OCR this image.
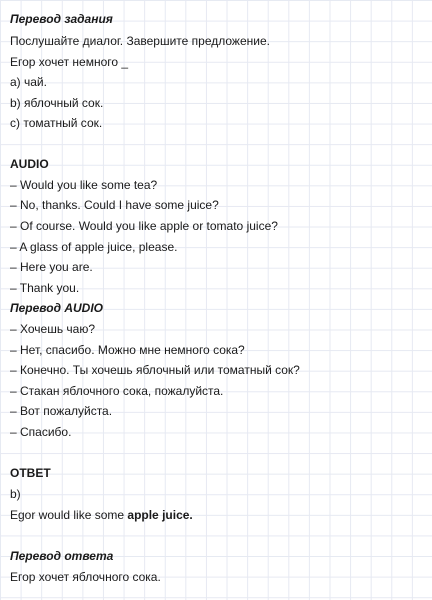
Перевод задания
Послушайте диалог. Завершите предложение.
Егор хочет немного _
a) чай.
b) яблочный сок.
c) томатный сок.
AUDIO
– Would you like some tea?
– No, thanks. Could I have some juice?
– Of course. Would you like apple or tomato juice?
– A glass of apple juice, please.
– Here you are.
– Thank you.
Перевод AUDIO
– Хочешь чаю?
– Нет, спасибо. Можно мне немного сока?
– Конечно. Ты хочешь яблочный или томатный сок?
– Стакан яблочного сока, пожалуйста.
– Вот пожалуйста.
– Спасибо.
ОТВЕТ
b)
Egor would like some apple juice.
Перевод ответа
Егор хочет яблочного сока.
